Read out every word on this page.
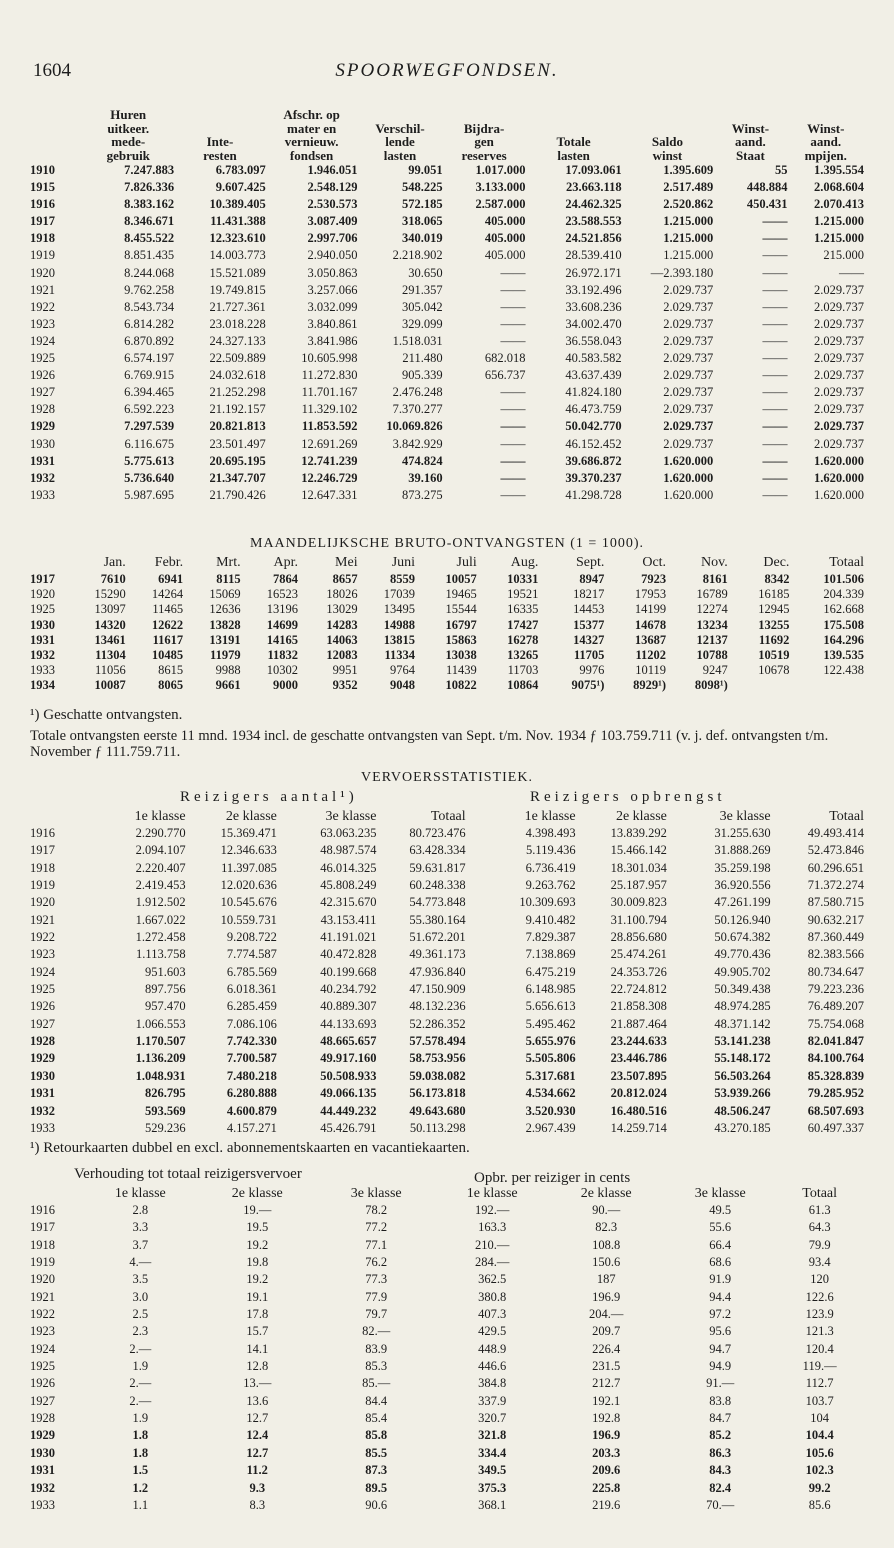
1604	SPOORWEGFONDSEN.
	Huren
uitkeer.
mede-
gebruik	Inte-
resten	Afschr. op
mater en
vernieuw.
fondsen	Verschil-
lende
lasten	Bijdra-
gen
reserves	Totale
lasten	Saldo
winst	Winst-
aand.
Staat	Winst-
aand.
mpijen.
1910	7.247.883	6.783.097	1.946.051	99.051	1.017.000	17.093.061	1.395.609	55	1.395.554
1915	7.826.336	9.607.425	2.548.129	548.225	3.133.000	23.663.118	2.517.489	448.884	2.068.604
1916	8.383.162	10.389.405	2.530.573	572.185	2.587.000	24.462.325	2.520.862	450.431	2.070.413
1917	8.346.671	11.431.388	3.087.409	318.065	405.000	23.588.553	1.215.000	——	1.215.000
1918	8.455.522	12.323.610	2.997.706	340.019	405.000	24.521.856	1.215.000	——	1.215.000
1919	8.851.435	14.003.773	2.940.050	2.218.902	405.000	28.539.410	1.215.000	——	215.000
1920	8.244.068	15.521.089	3.050.863	30.650	——	26.972.171	—2.393.180	——	——
1921	9.762.258	19.749.815	3.257.066	291.357	——	33.192.496	2.029.737	——	2.029.737
1922	8.543.734	21.727.361	3.032.099	305.042	——	33.608.236	2.029.737	——	2.029.737
1923	6.814.282	23.018.228	3.840.861	329.099	——	34.002.470	2.029.737	——	2.029.737
1924	6.870.892	24.327.133	3.841.986	1.518.031	——	36.558.043	2.029.737	——	2.029.737
1925	6.574.197	22.509.889	10.605.998	211.480	682.018	40.583.582	2.029.737	——	2.029.737
1926	6.769.915	24.032.618	11.272.830	905.339	656.737	43.637.439	2.029.737	——	2.029.737
1927	6.394.465	21.252.298	11.701.167	2.476.248	——	41.824.180	2.029.737	——	2.029.737
1928	6.592.223	21.192.157	11.329.102	7.370.277	——	46.473.759	2.029.737	——	2.029.737
1929	7.297.539	20.821.813	11.853.592	10.069.826	——	50.042.770	2.029.737	——	2.029.737
1930	6.116.675	23.501.497	12.691.269	3.842.929	——	46.152.452	2.029.737	——	2.029.737
1931	5.775.613	20.695.195	12.741.239	474.824	——	39.686.872	1.620.000	——	1.620.000
1932	5.736.640	21.347.707	12.246.729	39.160	——	39.370.237	1.620.000	——	1.620.000
1933	5.987.695	21.790.426	12.647.331	873.275	——	41.298.728	1.620.000	——	1.620.000
MAANDELIJKSCHE BRUTO-ONTVANGSTEN (1 = 1000).
	Jan.	Febr.	Mrt.	Apr.	Mei	Juni	Juli	Aug.	Sept.	Oct.	Nov.	Dec.	Totaal
1917	7610	6941	8115	7864	8657	8559	10057	10331	8947	7923	8161	8342	101.506
1920	15290	14264	15069	16523	18026	17039	19465	19521	18217	17953	16789	16185	204.339
1925	13097	11465	12636	13196	13029	13495	15544	16335	14453	14199	12274	12945	162.668
1930	14320	12622	13828	14699	14283	14988	16797	17427	15377	14678	13234	13255	175.508
1931	13461	11617	13191	14165	14063	13815	15863	16278	14327	13687	12137	11692	164.296
1932	11304	10485	11979	11832	12083	11334	13038	13265	11705	11202	10788	10519	139.535
1933	11056	8615	9988	10302	9951	9764	11439	11703	9976	10119	9247	10678	122.438
1934	10087	8065	9661	9000	9352	9048	10822	10864	9075¹)	8929¹)	8098¹)		
¹) Geschatte ontvangsten.
Totale ontvangsten eerste 11 mnd. 1934 incl. de geschatte ontvangsten van Sept. t/m. Nov. 1934 ƒ 103.759.711 (v. j. def. ontvangsten t/m. November ƒ 111.759.711.
VERVOERSSTATISTIEK.
Reizigers aantal¹)	Reizigers opbrengst
	1e klasse	2e klasse	3e klasse	Totaal	1e klasse	2e klasse	3e klasse	Totaal
1916	2.290.770	15.369.471	63.063.235	80.723.476	4.398.493	13.839.292	31.255.630	49.493.414
1917	2.094.107	12.346.633	48.987.574	63.428.334	5.119.436	15.466.142	31.888.269	52.473.846
1918	2.220.407	11.397.085	46.014.325	59.631.817	6.736.419	18.301.034	35.259.198	60.296.651
1919	2.419.453	12.020.636	45.808.249	60.248.338	9.263.762	25.187.957	36.920.556	71.372.274
1920	1.912.502	10.545.676	42.315.670	54.773.848	10.309.693	30.009.823	47.261.199	87.580.715
1921	1.667.022	10.559.731	43.153.411	55.380.164	9.410.482	31.100.794	50.126.940	90.632.217
1922	1.272.458	9.208.722	41.191.021	51.672.201	7.829.387	28.856.680	50.674.382	87.360.449
1923	1.113.758	7.774.587	40.472.828	49.361.173	7.138.869	25.474.261	49.770.436	82.383.566
1924	951.603	6.785.569	40.199.668	47.936.840	6.475.219	24.353.726	49.905.702	80.734.647
1925	897.756	6.018.361	40.234.792	47.150.909	6.148.985	22.724.812	50.349.438	79.223.236
1926	957.470	6.285.459	40.889.307	48.132.236	5.656.613	21.858.308	48.974.285	76.489.207
1927	1.066.553	7.086.106	44.133.693	52.286.352	5.495.462	21.887.464	48.371.142	75.754.068
1928	1.170.507	7.742.330	48.665.657	57.578.494	5.655.976	23.244.633	53.141.238	82.041.847
1929	1.136.209	7.700.587	49.917.160	58.753.956	5.505.806	23.446.786	55.148.172	84.100.764
1930	1.048.931	7.480.218	50.508.933	59.038.082	5.317.681	23.507.895	56.503.264	85.328.839
1931	826.795	6.280.888	49.066.135	56.173.818	4.534.662	20.812.024	53.939.266	79.285.952
1932	593.569	4.600.879	44.449.232	49.643.680	3.520.930	16.480.516	48.506.247	68.507.693
1933	529.236	4.157.271	45.426.791	50.113.298	2.967.439	14.259.714	43.270.185	60.497.337
¹) Retourkaarten dubbel en excl. abonnementskaarten en vacantiekaarten.
Verhouding tot totaal reizigersvervoer	Opbr. per reiziger in cents
	1e klasse	2e klasse	3e klasse	1e klasse	2e klasse	3e klasse	Totaal
1916	2.8	19.—	78.2	192.—	90.—	49.5	61.3
1917	3.3	19.5	77.2	163.3	82.3	55.6	64.3
1918	3.7	19.2	77.1	210.—	108.8	66.4	79.9
1919	4.—	19.8	76.2	284.—	150.6	68.6	93.4
1920	3.5	19.2	77.3	362.5	187	91.9	120
1921	3.0	19.1	77.9	380.8	196.9	94.4	122.6
1922	2.5	17.8	79.7	407.3	204.—	97.2	123.9
1923	2.3	15.7	82.—	429.5	209.7	95.6	121.3
1924	2.—	14.1	83.9	448.9	226.4	94.7	120.4
1925	1.9	12.8	85.3	446.6	231.5	94.9	119.—
1926	2.—	13.—	85.—	384.8	212.7	91.—	112.7
1927	2.—	13.6	84.4	337.9	192.1	83.8	103.7
1928	1.9	12.7	85.4	320.7	192.8	84.7	104
1929	1.8	12.4	85.8	321.8	196.9	85.2	104.4
1930	1.8	12.7	85.5	334.4	203.3	86.3	105.6
1931	1.5	11.2	87.3	349.5	209.6	84.3	102.3
1932	1.2	9.3	89.5	375.3	225.8	82.4	99.2
1933	1.1	8.3	90.6	368.1	219.6	70.—	85.6
